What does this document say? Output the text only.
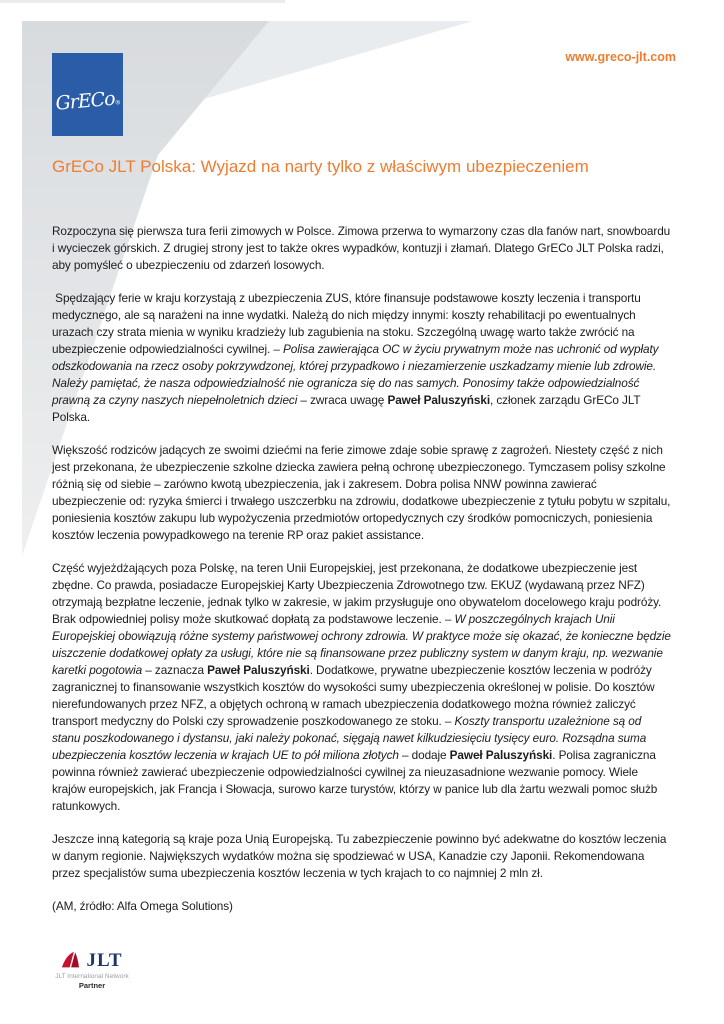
GrECo®
www.greco-jlt.com
GrECo JLT Polska: Wyjazd na narty tylko z właściwym ubezpieczeniem

Rozpoczyna się pierwsza tura ferii zimowych w Polsce. Zimowa przerwa to wymarzony czas dla fanów nart, snowboardu i wycieczek górskich. Z drugiej strony jest to także okres wypadków, kontuzji i złamań. Dlatego GrECo JLT Polska radzi, aby pomyśleć o ubezpieczeniu od zdarzeń losowych.

Spędzający ferie w kraju korzystają z ubezpieczenia ZUS, które finansuje podstawowe koszty leczenia i transportu medycznego, ale są narażeni na inne wydatki. Należą do nich między innymi: koszty rehabilitacji po ewentualnych urazach czy strata mienia w wyniku kradzieży lub zagubienia na stoku. Szczególną uwagę warto także zwrócić na ubezpieczenie odpowiedzialności cywilnej. – Polisa zawierająca OC w życiu prywatnym może nas uchronić od wypłaty odszkodowania na rzecz osoby pokrzywdzonej, której przypadkowo i niezamierzenie uszkadzamy mienie lub zdrowie. Należy pamiętać, że nasza odpowiedzialność nie ogranicza się do nas samych. Ponosimy także odpowiedzialność prawną za czyny naszych niepełnoletnich dzieci – zwraca uwagę Paweł Paluszyński, członek zarządu GrECo JLT Polska.

Większość rodziców jadących ze swoimi dziećmi na ferie zimowe zdaje sobie sprawę z zagrożeń. Niestety część z nich jest przekonana, że ubezpieczenie szkolne dziecka zawiera pełną ochronę ubezpieczonego. Tymczasem polisy szkolne różnią się od siebie – zarówno kwotą ubezpieczenia, jak i zakresem. Dobra polisa NNW powinna zawierać ubezpieczenie od: ryzyka śmierci i trwałego uszczerbku na zdrowiu, dodatkowe ubezpieczenie z tytułu pobytu w szpitalu, poniesienia kosztów zakupu lub wypożyczenia przedmiotów ortopedycznych czy środków pomocniczych, poniesienia kosztów leczenia powypadkowego na terenie RP oraz pakiet assistance.

Część wyjeżdżających poza Polskę, na teren Unii Europejskiej, jest przekonana, że dodatkowe ubezpieczenie jest zbędne. Co prawda, posiadacze Europejskiej Karty Ubezpieczenia Zdrowotnego tzw. EKUZ (wydawaną przez NFZ) otrzymają bezpłatne leczenie, jednak tylko w zakresie, w jakim przysługuje ono obywatelom docelowego kraju podróży. Brak odpowiedniej polisy może skutkować dopłatą za podstawowe leczenie. – W poszczególnych krajach Unii Europejskiej obowiązują różne systemy państwowej ochrony zdrowia. W praktyce może się okazać, że konieczne będzie uiszczenie dodatkowej opłaty za usługi, które nie są finansowane przez publiczny system w danym kraju, np. wezwanie karetki pogotowia – zaznacza Paweł Paluszyński. Dodatkowe, prywatne ubezpieczenie kosztów leczenia w podróży zagranicznej to finansowanie wszystkich kosztów do wysokości sumy ubezpieczenia określonej w polisie. Do kosztów nierefundowanych przez NFZ, a objętych ochroną w ramach ubezpieczenia dodatkowego można również zaliczyć transport medyczny do Polski czy sprowadzenie poszkodowanego ze stoku. – Koszty transportu uzależnione są od stanu poszkodowanego i dystansu, jaki należy pokonać, sięgają nawet kilkudziesięciu tysięcy euro. Rozsądna suma ubezpieczenia kosztów leczenia w krajach UE to pół miliona złotych – dodaje Paweł Paluszyński. Polisa zagraniczna powinna również zawierać ubezpieczenie odpowiedzialności cywilnej za nieuzasadnione wezwanie pomocy. Wiele krajów europejskich, jak Francja i Słowacja, surowo karze turystów, którzy w panice lub dla żartu wezwali pomoc służb ratunkowych.

Jeszcze inną kategorią są kraje poza Unią Europejską. Tu zabezpieczenie powinno być adekwatne do kosztów leczenia w danym regionie. Największych wydatków można się spodziewać w USA, Kanadzie czy Japonii. Rekomendowana przez specjalistów suma ubezpieczenia kosztów leczenia w tych krajach to co najmniej 2 mln zł.

(AM, źródło: Alfa Omega Solutions)

JLT
JLT International Network
Partner
